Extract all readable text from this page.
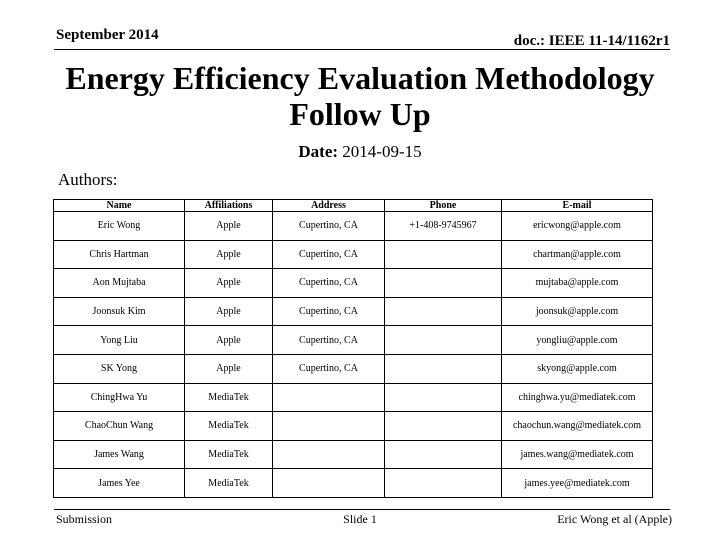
September 2014	doc.: IEEE 11-14/1162r1
Energy Efficiency Evaluation Methodology
Follow Up
Date: 2014-09-15
Authors:
Name	Affiliations	Address	Phone	E-mail
Eric Wong	Apple	Cupertino, CA	+1-408-9745967	ericwong@apple.com
Chris Hartman	Apple	Cupertino, CA		chartman@apple.com
Aon Mujtaba	Apple	Cupertino, CA		mujtaba@apple.com
Joonsuk Kim	Apple	Cupertino, CA		joonsuk@apple.com
Yong Liu	Apple	Cupertino, CA		yongliu@apple.com
SK Yong	Apple	Cupertino, CA		skyong@apple.com
ChingHwa Yu	MediaTek			chinghwa.yu@mediatek.com
ChaoChun Wang	MediaTek			chaochun.wang@mediatek.com
James Wang	MediaTek			james.wang@mediatek.com
James Yee	MediaTek			james.yee@mediatek.com
Submission	Slide 1	Eric Wong et al (Apple)
